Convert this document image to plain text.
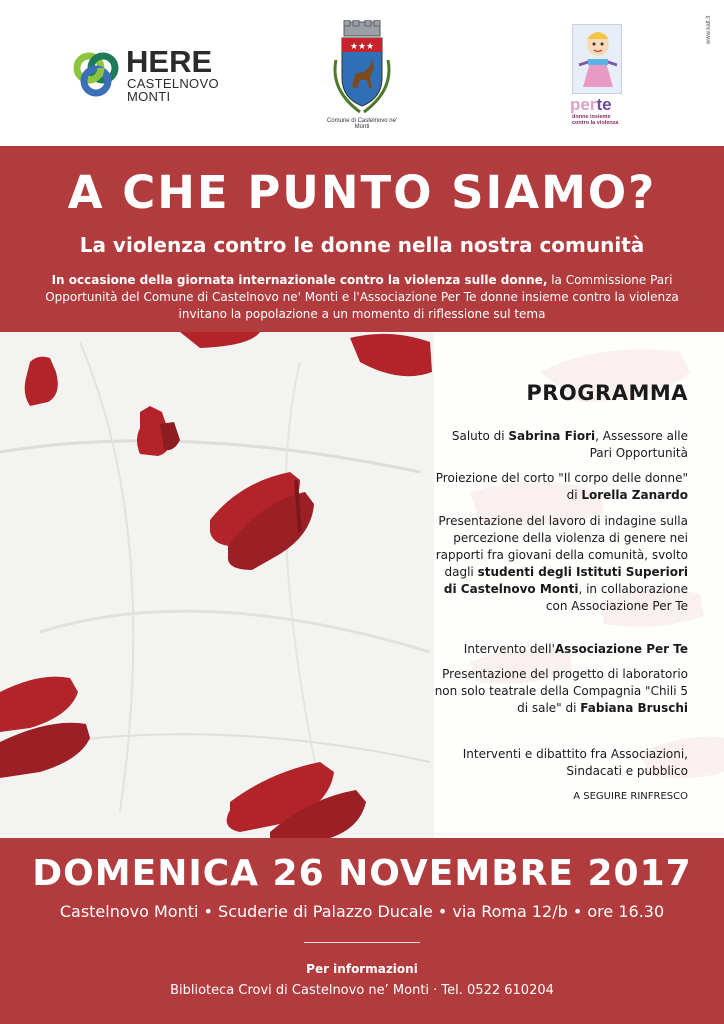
HERE
CASTELNOVO
MONTI
★ ★ ★
Comune di Castelnovo ne' Monti
perte
donne insieme contro la violenza
www.kalt.it
A CHE PUNTO SIAMO?
La violenza contro le donne nella nostra comunità
In occasione della giornata internazionale contro la violenza sulle donne, la Commissione Pari Opportunità del Comune di Castelnovo ne' Monti e l'Associazione Per Te donne insieme contro la violenza invitano la popolazione a un momento di riflessione sul tema
PROGRAMMA
Saluto di Sabrina Fiori, Assessore alle Pari Opportunità
Proiezione del corto "Il corpo delle donne" di Lorella Zanardo
Presentazione del lavoro di indagine sulla percezione della violenza di genere nei rapporti fra giovani della comunità, svolto dagli studenti degli Istituti Superiori di Castelnovo Monti, in collaborazione con Associazione Per Te
Intervento dell'Associazione Per Te
Presentazione del progetto di laboratorio non solo teatrale della Compagnia "Chili 5 di sale" di Fabiana Bruschi
Interventi e dibattito fra Associazioni, Sindacati e pubblico
A SEGUIRE RINFRESCO
DOMENICA 26 NOVEMBRE 2017
Castelnovo Monti • Scuderie di Palazzo Ducale • via Roma 12/b • ore 16.30
Per informazioni
Biblioteca Crovi di Castelnovo ne’ Monti · Tel. 0522 610204
